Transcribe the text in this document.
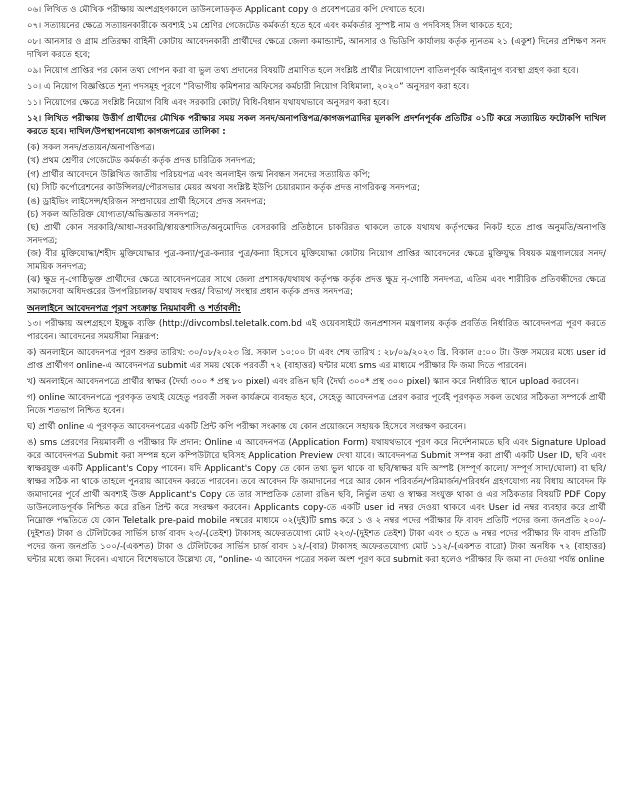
০৬। লিখিত ও মৌখিক পরীক্ষায় অংশগ্রহণকালে ডাউনলোডকৃত Applicant copy ও প্রবেশপত্রের কপি দেখাতে হবে।

০৭। সত্যায়নের ক্ষেত্রে সত্যায়নকারীকে অবশ্যই ১ম শ্রেণির গেজেটেড কর্মকর্তা হতে হবে এবং কর্মকর্তার সুস্পষ্ট নাম ও পদবিসহ সিল থাকতে হবে;

০৮। আনসার ও গ্রাম প্রতিরক্ষা বাহিনী কোটায় আবেদনকারী প্রার্থীদের ক্ষেত্রে জেলা কমান্ড্যান্ট, আনসার ও ভিডিপি কার্যালয় কর্তৃক ন্যূনতম ২১ (একুশ) দিনের প্রশিক্ষণ সনদ দাখিল করতে হবে;

০৯। নিয়োগ প্রাপ্তির পর কোন তথ্য গোপন করা বা ভুল তথ্য প্রদানের বিষয়টি প্রমাণিত হলে সংশ্লিষ্ট প্রার্থীর নিয়োগাদেশ বাতিলপূর্বক আইনানুগ ব্যবস্থা গ্রহণ করা হবে।

১০। এ নিয়োগ বিজ্ঞপ্তিতে শূন্য পদসমূহ পূরণে “বিভাগীয় কমিশনার অফিসের কর্মচারী নিয়োগ বিধিমালা, ২০২০” অনুসরণ করা হবে।

১১। নিয়োগের ক্ষেত্রে সংশ্লিষ্ট নিয়োগ বিধি এবং সরকারি কোটা/ বিধি-বিধান যথাযথভাবে অনুসরণ করা হবে।

১২। লিখিত পরীক্ষায় উত্তীর্ণ প্রার্থীদের মৌখিক পরীক্ষার সময় সকল সনদ/অনাপত্তিপত্র/কাগজপত্রাদির মূলকপি প্রদর্শনপূর্বক প্রতিটির ০১টি করে সত্যায়িত ফটোকপি দাখিল করতে হবে। দাখিল/উপস্থাপনযোগ্য কাগজপত্রের তালিকা :

(ক) সকল সনদ/প্রত্যয়ন/অনাপত্তিপত্র।

(খ) প্রথম শ্রেণীর গেজেটেড কর্মকর্তা কর্তৃক প্রদত্ত চারিত্রিক সনদপত্র;

(গ) প্রার্থীর আবেদনে উল্লিখিত জাতীয় পরিচয়পত্র এবং অনলাইন জন্ম নিবন্ধন সনদের সত্যায়িত কপি;

(ঘ) সিটি কর্পোরেশনের কাউন্সিলর/পৌরসভার মেয়র অথবা সংশ্লিষ্ট ইউপি চেয়ারম্যান কর্তৃক প্রদত্ত নাগরিকত্ব সনদপত্র;

(ঙ) ড্রাইভিং লাইসেন্স/হরিজন সম্প্রদায়ের প্রার্থী হিসেবে প্রদত্ত সনদপত্র;

(চ) সকল অতিরিক্ত যোগ্যতা/অভিজ্ঞতার সনদপত্র;

(ছ) প্রার্থী কোন সরকারি/আধা-সরকারি/স্বায়ত্তশাসিত/অনুমোদিত বেসরকারি প্রতিষ্ঠানে চাকরিরত থাকলে তাকে যথাযথ কর্তৃপক্ষের নিকট হতে প্রাপ্ত অনুমতি/অনাপত্তি সনদপত্র;

(জ) বীর মুক্তিযোদ্ধা/শহীদ মুক্তিযোদ্ধার পুত্র-কন্যা/পুত্র-কন্যার পুত্র/কন্যা হিসেবে মুক্তিযোদ্ধা কোটায় নিয়োগ প্রাপ্তির আবেদনের ক্ষেত্রে মুক্তিযুদ্ধ বিষয়ক মন্ত্রণালয়ের সনদ/সাময়িক সনদপত্র;

(ঝ) ক্ষুদ্র নৃ-গোষ্ঠিভুক্ত প্রার্থীদের ক্ষেত্রে আবেদনপত্রের সাথে জেলা প্রশাসক/যথাযথ কর্তৃপক্ষ কর্তৃক প্রদত্ত ক্ষুদ্র নৃ-গোষ্ঠি সনদপত্র, এতিম এবং শারীরিক প্রতিবন্ধীদের ক্ষেত্রে সমাজসেবা অধিদপ্তরের উপপরিচালক/ যথাযথ দপ্তর/ বিভাগ/ সংস্থার প্রধান কর্তৃক প্রদত্ত সনদপত্র;

অনলাইনে আবেদনপত্র পূরণ সংক্রান্ত নিয়মাবলী ও শর্তাবলী:

১৩। পরীক্ষায় অংশগ্রহণে ইচ্ছুক ব্যক্তি (http://divcombsl.teletalk.com.bd এই ওয়েবসাইটে জনপ্রশাসন মন্ত্রণালয় কর্তৃক প্রবর্তিত নির্ধারিত আবেদনপত্র পূরণ করতে পারবেন। আবেদনের সময়সীমা নিম্নরূপ:

ক) অনলাইনে আবেদনপত্র পূরণ শুরুর তারিখ: ৩০/০৮/২০২৩ খ্রি. সকাল ১০:০০ টা এবং শেষ তারিখ : ২৮/০৯/২০২৩ খ্রি. বিকাল ৫:০০ টা। উক্ত সময়ের মধ্যে user id প্রাপ্ত প্রার্থীগণ online-এ আবেদনপত্র submit এর সময় থেকে পরবর্তী ৭২ (বাহাত্তর) ঘন্টার মধ্যে sms এর মাধ্যমে পরীক্ষার ফি জমা দিতে পারবেন।

খ) অনলাইনে আবেদনপত্রে প্রার্থীর স্বাক্ষর (দৈর্ঘ্য ৩০০ * প্রস্থ ৮০ pixel) এবং রঙিন ছবি (দৈর্ঘ্য ৩০০* প্রস্থ ৩০০ pixel) স্ক্যান করে নির্ধারিত স্থানে upload করবেন।

গ) online আবেদনপত্রে পূরণকৃত তথ্যই যেহেতু পরবর্তী সকল কার্যক্রমে ব্যবহৃত হবে, সেহেতু আবেদনপত্র প্রেরণ করার পূর্বেই পূরণকৃত সকল তথ্যের সঠিকতা সম্পর্কে প্রার্থী নিজে শতভাগ নিশ্চিত হবেন।

ঘ) প্রার্থী online এ পূরণকৃত আবেদনপত্রের একটি প্রিন্ট কপি পরীক্ষা সংক্রান্ত যে কোন প্রয়োজনে সহায়ক হিসেবে সংরক্ষণ করবেন।

ঙ) sms প্রেরণের নিয়মাবলী ও পরীক্ষার ফি প্রদান: Online এ আবেদনপত্র (Application Form) যথাযথভাবে পূরণ করে নির্দেশনামতে ছবি এবং Signature Upload করে আবেদনপত্র Submit করা সম্পন্ন হলে কম্পিউটারে ছবিসহ Application Preview দেখা যাবে। আবেদনপত্র Submit সম্পন্ন করা প্রার্থী একটি User ID, ছবি এবং স্বাক্ষরযুক্ত একটি Applicant's Copy পাবেন। যদি Applicant's Copy তে কোন তথ্য ভুল থাকে বা ছবি/স্বাক্ষর যদি অস্পষ্ট (সম্পূর্ণ কালো/ সম্পূর্ণ সাদা/ঘোলা) বা ছবি/স্বাক্ষর সঠিক না থাকে তাহলে পুনরায় আবেদন করতে পারবেন। তবে আবেদন ফি জমাদানের পরে আর কোন পরিবর্তন/পরিমার্জন/পরিবর্ধন গ্রহণযোগ্য নয় বিধায় আবেদন ফি জমাদানের পূর্বে প্রার্থী অবশ্যই উক্ত Applicant's Copy তে তার সাম্প্রতিক তোলা রঙিন ছবি, নির্ভুল তথ্য ও স্বাক্ষর সংযুক্ত থাকা ও এর সঠিকতার বিষয়টি PDF Copy ডাউনলোডপূর্বক নিশ্চিত করে রঙিন প্রিন্ট করে সংরক্ষণ করবেন। Applicants copy-তে একটি user id নম্বর দেওয়া থাকবে এবং User id নম্বর ব্যবহার করে প্রার্থী নিম্নোক্ত পদ্ধতিতে যে কোন Teletalk pre-paid mobile নম্বরের মাধ্যমে ০২(দুই)টি sms করে ১ ও ২ নম্বর পদের পরীক্ষার ফি বাবদ প্রতিটি পদের জন্য জনপ্রতি ২০০/-(দুইশত) টাকা ও টেলিটকের সার্ভিস চার্জ বাবদ ২৩/-(তেইশ) টাকাসহ অফেরতযোগ্য মোট ২২৩/-(দুইশত তেইশ) টাকা এবং ৩ হতে ৬ নম্বর পদের পরীক্ষার ফি বাবদ প্রতিটি পদের জন্য জনপ্রতি ১০০/-(একশত) টাকা ও টেলিটকের সার্ভিস চার্জ বাবদ ১২/-(বার) টাকাসহ অফেরতযোগ্য মোট ১১২/-(একশত বারো) টাকা অনধিক ৭২ (বাহাত্তর) ঘন্টার মধ্যে জমা দিবেন। এখানে বিশেষভাবে উল্লেখ্য যে, “online- এ আবেদন পত্রের সকল অংশ পূরণ করে submit করা হলেও পরীক্ষার ফি জমা না দেওয়া পর্যন্ত online
